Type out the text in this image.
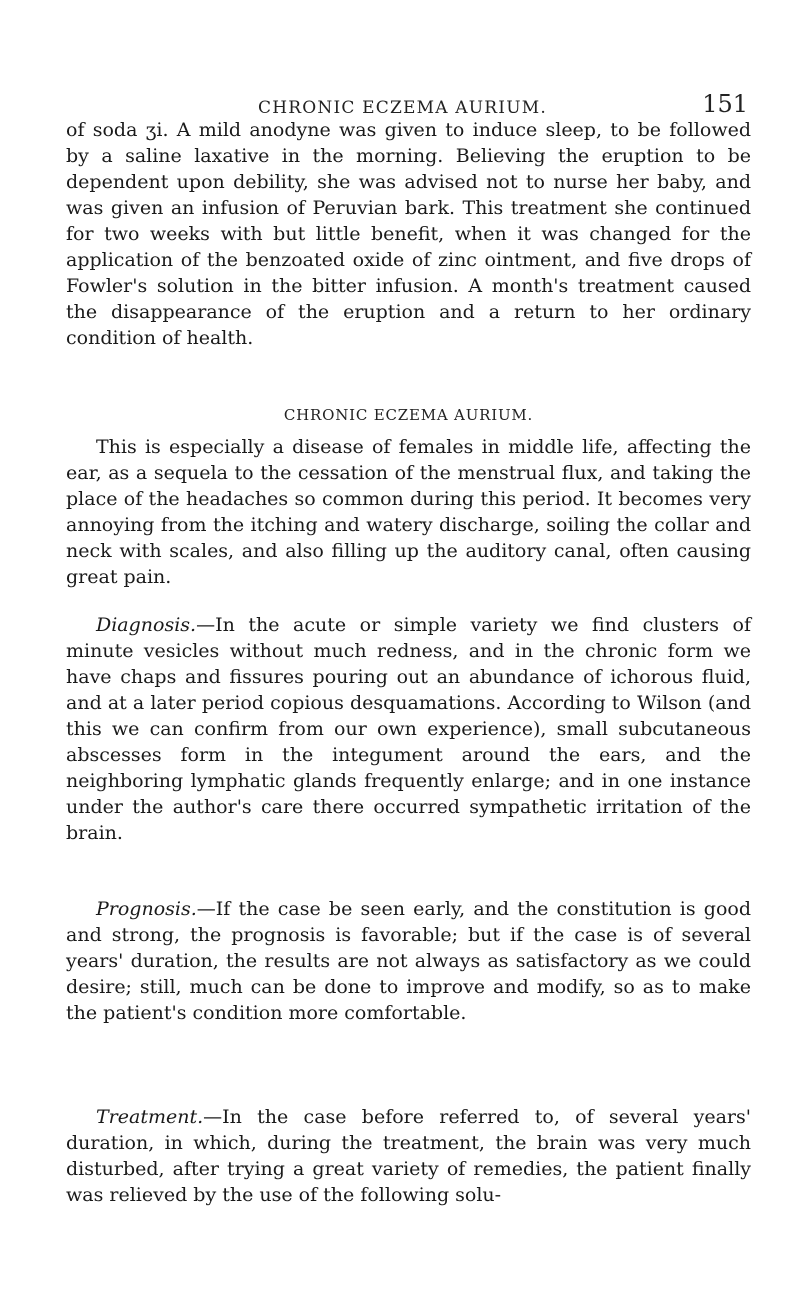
CHRONIC ECZEMA AURIUM.	151

of soda ʒi. A mild anodyne was given to induce sleep, to be followed by a saline laxative in the morning. Believing the eruption to be dependent upon debility, she was advised not to nurse her baby, and was given an infusion of Peruvian bark. This treatment she continued for two weeks with but little benefit, when it was changed for the application of the benzoated oxide of zinc ointment, and five drops of Fowler's solution in the bitter infusion. A month's treatment caused the disappearance of the eruption and a return to her ordinary condition of health.

CHRONIC ECZEMA AURIUM.

This is especially a disease of females in middle life, affecting the ear, as a sequela to the cessation of the menstrual flux, and taking the place of the headaches so common during this period. It becomes very annoying from the itching and watery discharge, soiling the collar and neck with scales, and also filling up the auditory canal, often causing great pain.

Diagnosis.—In the acute or simple variety we find clusters of minute vesicles without much redness, and in the chronic form we have chaps and fissures pouring out an abundance of ichorous fluid, and at a later period copious desquamations. According to Wilson (and this we can confirm from our own experience), small subcutaneous abscesses form in the integument around the ears, and the neighboring lymphatic glands frequently enlarge; and in one instance under the author's care there occurred sympathetic irritation of the brain.

Prognosis.—If the case be seen early, and the constitution is good and strong, the prognosis is favorable; but if the case is of several years' duration, the results are not always as satisfactory as we could desire; still, much can be done to improve and modify, so as to make the patient's condition more comfortable.

Treatment.—In the case before referred to, of several years' duration, in which, during the treatment, the brain was very much disturbed, after trying a great variety of remedies, the patient finally was relieved by the use of the following solu-
